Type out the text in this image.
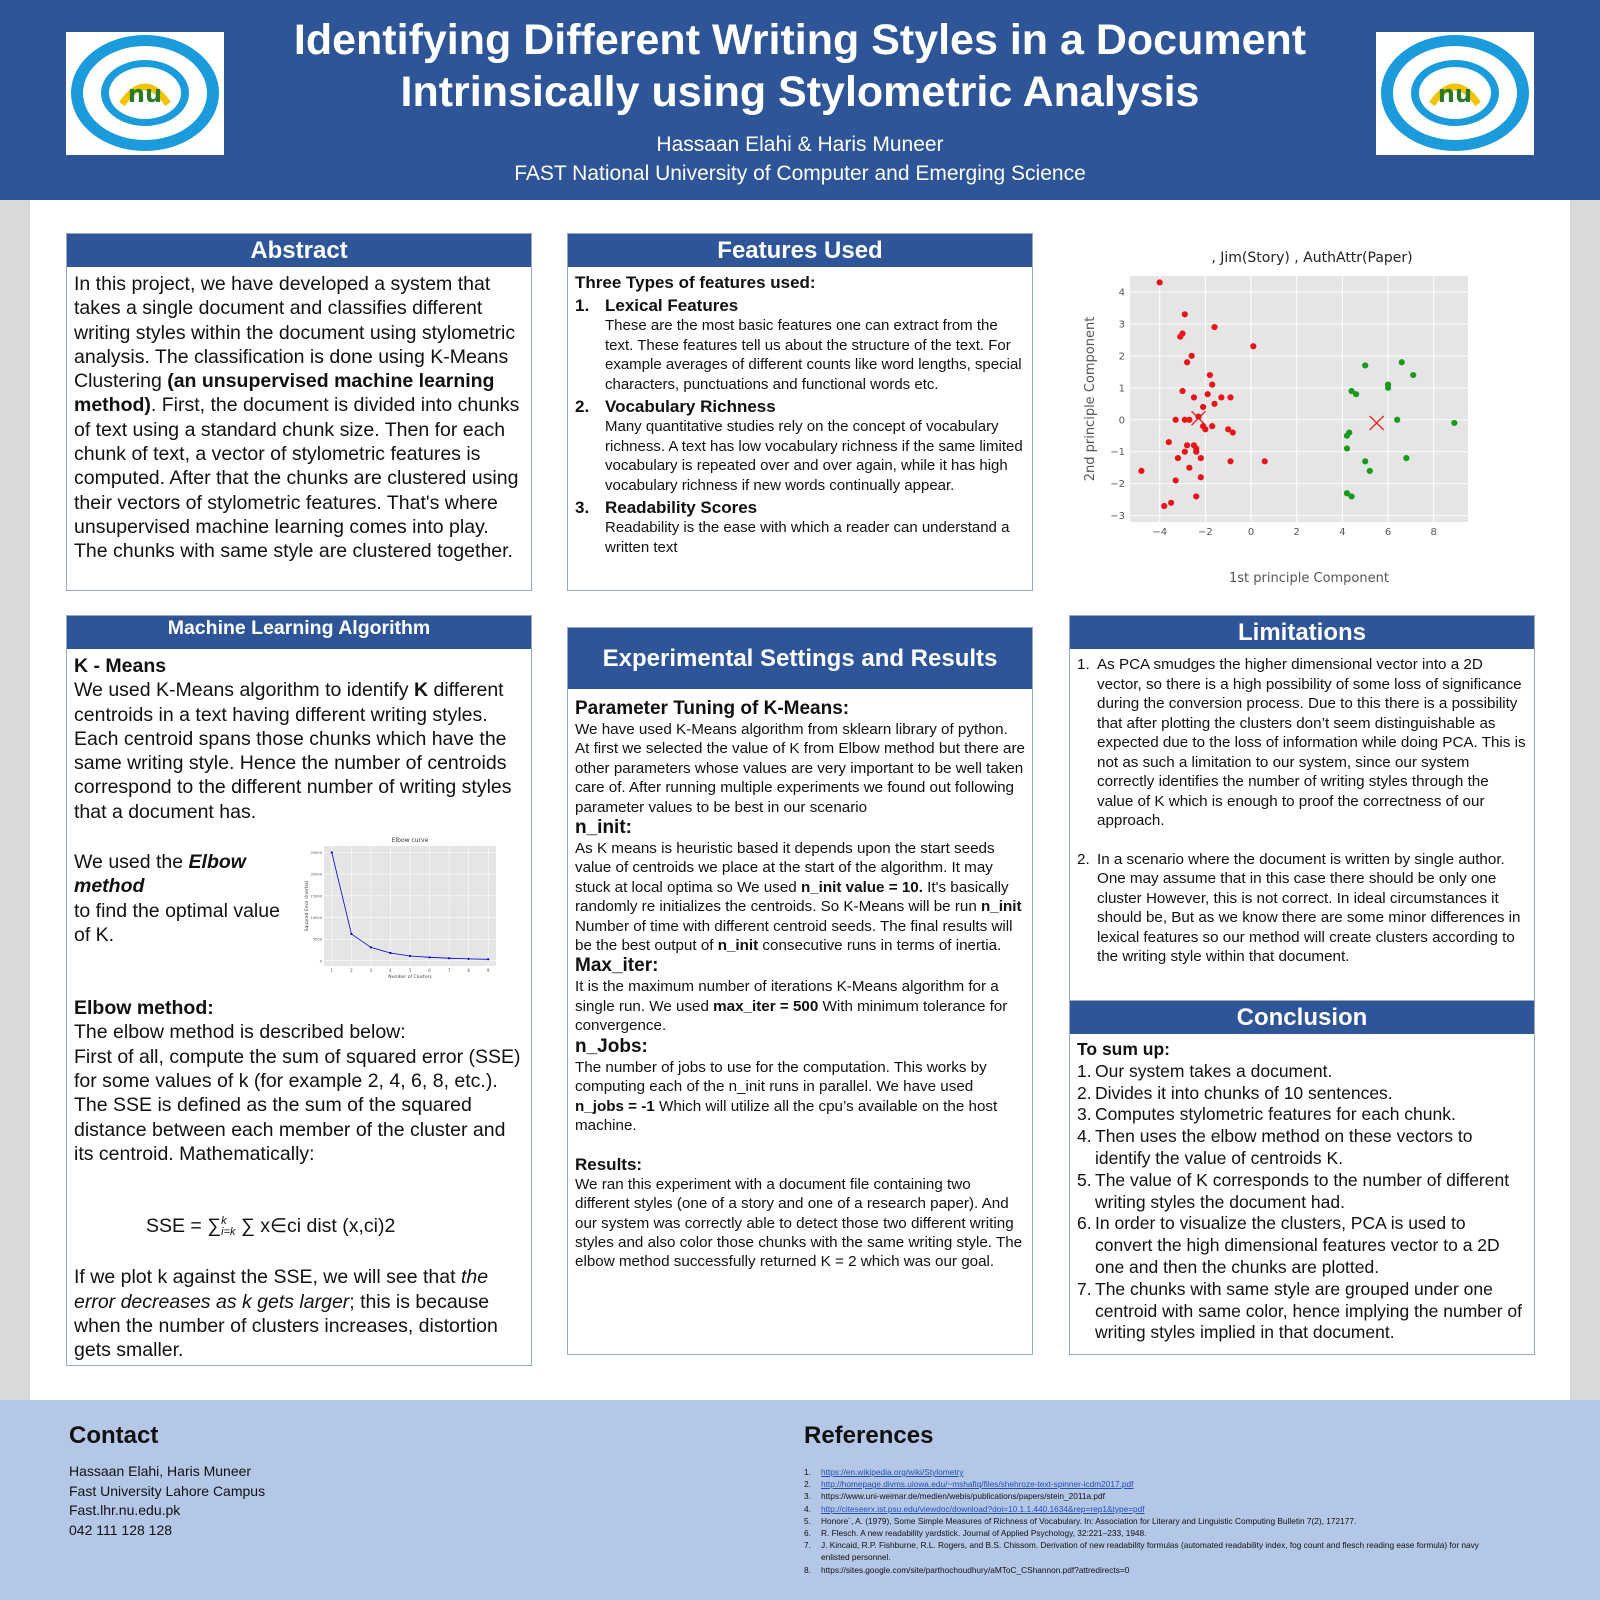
nu	nu
Identifying Different Writing Styles in a Document
Intrinsically using Stylometric Analysis
Hassaan Elahi & Haris Muneer
FAST National University of Computer and Emerging Science
Abstract
In this project, we have developed a system that takes a single document and classifies different writing styles within the document using stylometric analysis. The classification is done using K-Means Clustering (an unsupervised machine learning method). First, the document is divided into chunks of text using a standard chunk size. Then for each chunk of text, a vector of stylometric features is computed. After that the chunks are clustered using their vectors of stylometric features. That's where unsupervised machine learning comes into play. The chunks with same style are clustered together.
Features Used
Three Types of features used:
1. Lexical Features
These are the most basic features one can extract from the text. These features tell us about the structure of the text. For example averages of different counts like word lengths, special characters, punctuations and functional words etc.
2. Vocabulary Richness
Many quantitative studies rely on the concept of vocabulary richness. A text has low vocabulary richness if the same limited vocabulary is repeated over and over again, while it has high vocabulary richness if new words continually appear.
3. Readability Scores
Readability is the ease with which a reader can understand a written text
, Jim(Story) , AuthAttr(Paper)
−4	−2	0	2	4	6	8
−3
−2
−1
0
1
2
3
4
1st principle Component
2nd principle Component
Machine Learning Algorithm
K - Means

We used K-Means algorithm to identify K different centroids in a text having different writing styles. Each centroid spans those chunks which have the same writing style. Hence the number of centroids correspond to the different number of writing styles that a document has.

We used the Elbow method
to find the optimal value of K.
Elbow curve
1	2	3	4	5	6	7	8	9
0
5000
10000
15000
20000
25000
Number of Clusters
Squared Error (Inertia)
Elbow method:
The elbow method is described below:
First of all, compute the sum of squared error (SSE) for some values of k (for example 2, 4, 6, 8, etc.). The SSE is defined as the sum of the squared distance between each member of the cluster and its centroid. Mathematically:
SSE = ∑ k
i=k ∑ x∈ci dist (x,ci)2

If we plot k against the SSE, we will see that the error decreases as k gets larger; this is because when the number of clusters increases, distortion gets smaller.

Experimental Settings and Results
Parameter Tuning of K-Means:
We have used K-Means algorithm from sklearn library of python. At first we selected the value of K from Elbow method but there are other parameters whose values are very important to be well taken care of. After running multiple experiments we found out following parameter values to be best in our scenario
n_init:
As K means is heuristic based it depends upon the start seeds value of centroids we place at the start of the algorithm. It may stuck at local optima so We used n_init value = 10. It's basically randomly re initializes the centroids. So K-Means will be run n_init Number of time with different centroid seeds. The final results will be the best output of n_init consecutive runs in terms of inertia.
Max_iter:
It is the maximum number of iterations K-Means algorithm for a single run. We used max_iter = 500 With minimum tolerance for convergence.
n_Jobs:
The number of jobs to use for the computation. This works by computing each of the n_init runs in parallel. We have used n_jobs = -1 Which will utilize all the cpu’s available on the host machine.
Results:
We ran this experiment with a document file containing two different styles (one of a story and one of a research paper). And our system was correctly able to detect those two different writing styles and also color those chunks with the same writing style. The elbow method successfully returned K = 2 which was our goal.
Limitations
1. As PCA smudges the higher dimensional vector into a 2D vector, so there is a high possibility of some loss of significance during the conversion process. Due to this there is a possibility that after plotting the clusters don’t seem distinguishable as expected due to the loss of information while doing PCA. This is not as such a limitation to our system, since our system correctly identifies the number of writing styles through the value of K which is enough to proof the correctness of our approach.
2. In a scenario where the document is written by single author. One may assume that in this case there should be only one cluster However, this is not correct. In ideal circumstances it should be, But as we know there are some minor differences in lexical features so our method will create clusters according to the writing style within that document.
Conclusion
To sum up:
1. Our system takes a document.
2. Divides it into chunks of 10 sentences.
3. Computes stylometric features for each chunk.
4. Then uses the elbow method on these vectors to identify the value of centroids K.
5. The value of K corresponds to the number of different writing styles the document had.
6. In order to visualize the clusters, PCA is used to convert the high dimensional features vector to a 2D one and then the chunks are plotted.
7. The chunks with same style are grouped under one centroid with same color, hence implying the number of writing styles implied in that document.
Contact
Hassaan Elahi, Haris Muneer
Fast University Lahore Campus
Fast.lhr.nu.edu.pk
042 111 128 128
References
1.	https://en.wikipedia.org/wiki/Stylometry
2.	http://homepage.divms.uiowa.edu/~mshafiq/files/shehroze-text-spinner-icdm2017.pdf
3.	https://www.uni-weimar.de/medien/webis/publications/papers/stein_2011a.pdf
4.	http://citeseerx.ist.psu.edu/viewdoc/download?doi=10.1.1.440.1634&rep=rep1&type=pdf
5.	Honore´, A. (1979), Some Simple Measures of Richness of Vocabulary. In: Association for Literary and Linguistic Computing Bulletin 7(2), 172177.
6.	R. Flesch. A new readability yardstick. Journal of Applied Psychology, 32:221–233, 1948.
7.	J. Kincaid, R.P. Fishburne, R.L. Rogers, and B.S. Chissom. Derivation of new readability formulas (automated readability index, fog count and flesch reading ease formula) for navy enlisted personnel.
8.	https://sites.google.com/site/parthochoudhury/aMToC_CShannon.pdf?attredirects=0
